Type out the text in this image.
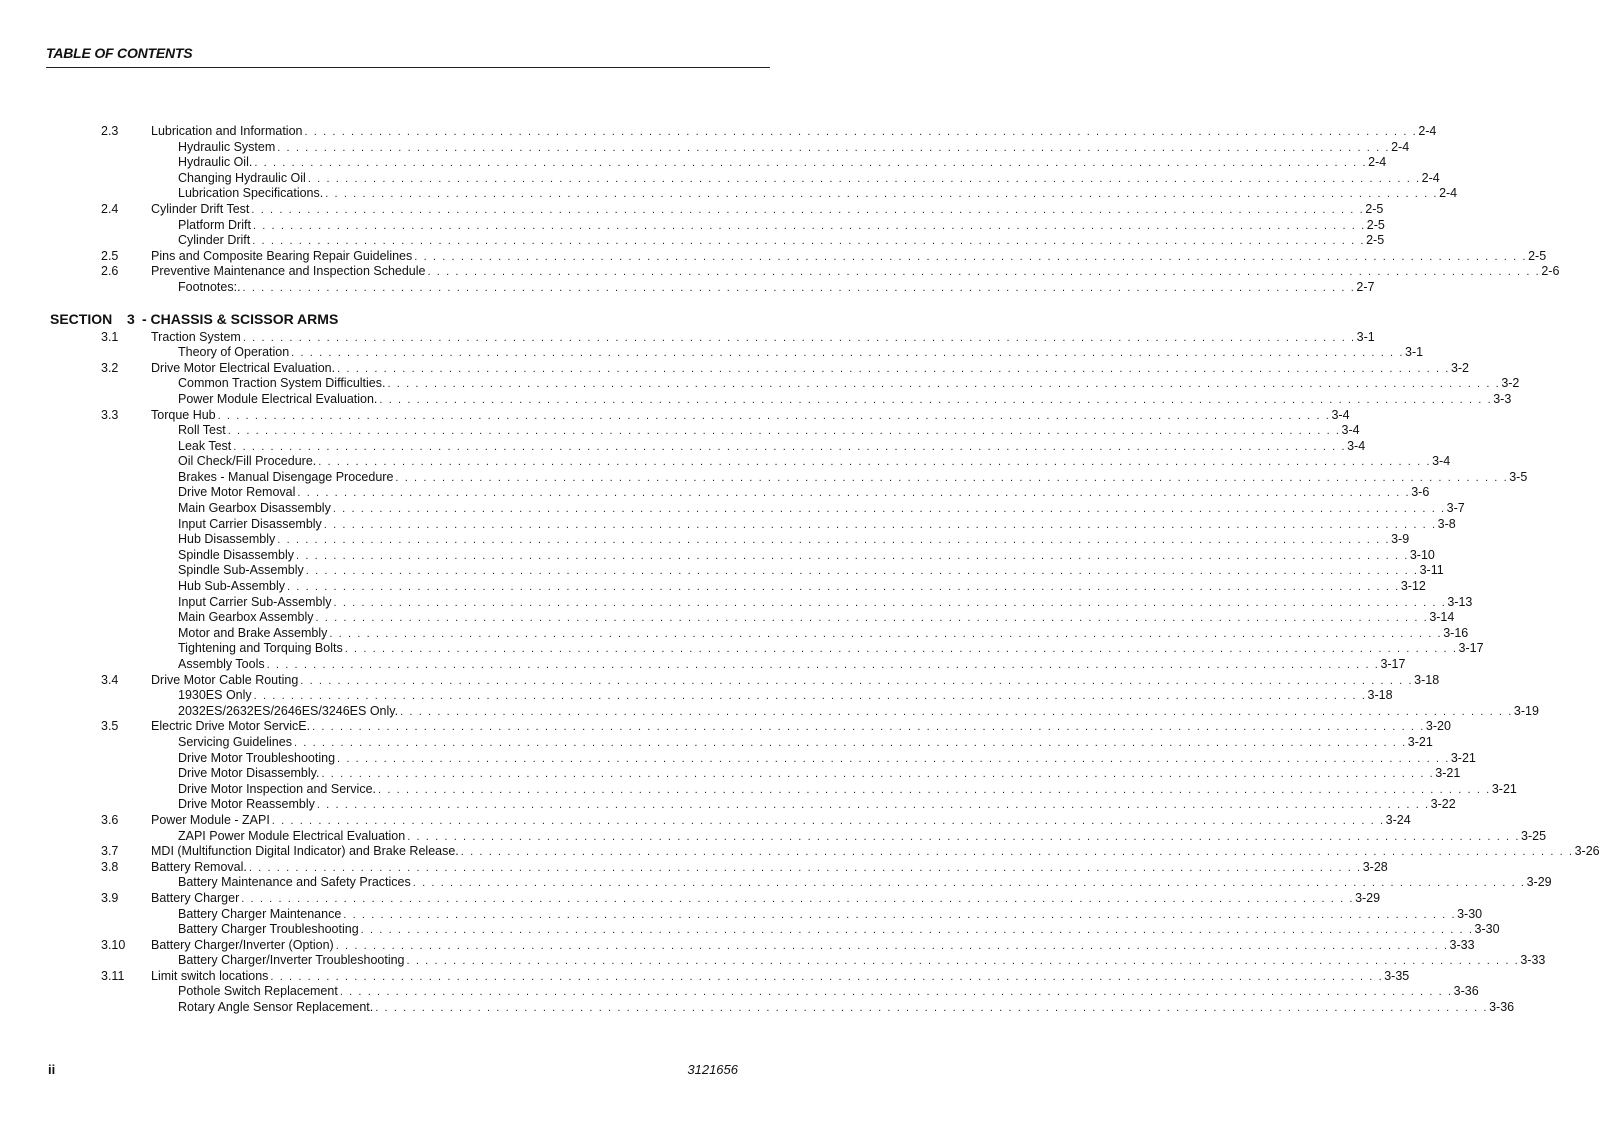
TABLE OF CONTENTS
2.3	Lubrication and Information . . . . . . . . . . . . . . . . . . . . . . . . . . . . . . . . . . . . . . . . . . . . . . . . . . . . . . . . . . . . . . . . . . . . . . . . . . . . . . . . . . . . . . . . . . . . . . . . . . . . . . . . . . . . . . . . . . . . . . . . 2-4
Hydraulic System . . . . . . . . . . . . . . . . . . . . . . . . . . . . . . . . . . . . . . . . . . . . . . . . . . . . . . . . . . . . . . . . . . . . . . . . . . . . . . . . . . . . . . . . . . . . . . . . . . . . . . . . . . . . . . . . . . . . . . . . 2-4
Hydraulic Oil. . . . . . . . . . . . . . . . . . . . . . . . . . . . . . . . . . . . . . . . . . . . . . . . . . . . . . . . . . . . . . . . . . . . . . . . . . . . . . . . . . . . . . . . . . . . . . . . . . . . . . . . . . . . . . . . . . . . . . . . . 2-4
Changing Hydraulic Oil . . . . . . . . . . . . . . . . . . . . . . . . . . . . . . . . . . . . . . . . . . . . . . . . . . . . . . . . . . . . . . . . . . . . . . . . . . . . . . . . . . . . . . . . . . . . . . . . . . . . . . . . . . . . . . . . . . . . . . . . 2-4
Lubrication Specifications. . . . . . . . . . . . . . . . . . . . . . . . . . . . . . . . . . . . . . . . . . . . . . . . . . . . . . . . . . . . . . . . . . . . . . . . . . . . . . . . . . . . . . . . . . . . . . . . . . . . . . . . . . . . . . . . . . . . . . . . . 2-4
2.4	Cylinder Drift Test . . . . . . . . . . . . . . . . . . . . . . . . . . . . . . . . . . . . . . . . . . . . . . . . . . . . . . . . . . . . . . . . . . . . . . . . . . . . . . . . . . . . . . . . . . . . . . . . . . . . . . . . . . . . . . . . . . . . . . . . 2-5
Platform Drift . . . . . . . . . . . . . . . . . . . . . . . . . . . . . . . . . . . . . . . . . . . . . . . . . . . . . . . . . . . . . . . . . . . . . . . . . . . . . . . . . . . . . . . . . . . . . . . . . . . . . . . . . . . . . . . . . . . . . . . . 2-5
Cylinder Drift . . . . . . . . . . . . . . . . . . . . . . . . . . . . . . . . . . . . . . . . . . . . . . . . . . . . . . . . . . . . . . . . . . . . . . . . . . . . . . . . . . . . . . . . . . . . . . . . . . . . . . . . . . . . . . . . . . . . . . . . 2-5
2.5	Pins and Composite Bearing Repair Guidelines . . . . . . . . . . . . . . . . . . . . . . . . . . . . . . . . . . . . . . . . . . . . . . . . . . . . . . . . . . . . . . . . . . . . . . . . . . . . . . . . . . . . . . . . . . . . . . . . . . . . . . . . . . . . . . . . . . . . . . . . 2-5
2.6	Preventive Maintenance and Inspection Schedule . . . . . . . . . . . . . . . . . . . . . . . . . . . . . . . . . . . . . . . . . . . . . . . . . . . . . . . . . . . . . . . . . . . . . . . . . . . . . . . . . . . . . . . . . . . . . . . . . . . . . . . . . . . . . . . . . . . . . . . . 2-6
Footnotes:. . . . . . . . . . . . . . . . . . . . . . . . . . . . . . . . . . . . . . . . . . . . . . . . . . . . . . . . . . . . . . . . . . . . . . . . . . . . . . . . . . . . . . . . . . . . . . . . . . . . . . . . . . . . . . . . . . . . . . . . . 2-7
SECTION 3 - CHASSIS & SCISSOR ARMS
3.1	Traction System . . . . . . . . . . . . . . . . . . . . . . . . . . . . . . . . . . . . . . . . . . . . . . . . . . . . . . . . . . . . . . . . . . . . . . . . . . . . . . . . . . . . . . . . . . . . . . . . . . . . . . . . . . . . . . . . . . . . . . . . 3-1
Theory of Operation . . . . . . . . . . . . . . . . . . . . . . . . . . . . . . . . . . . . . . . . . . . . . . . . . . . . . . . . . . . . . . . . . . . . . . . . . . . . . . . . . . . . . . . . . . . . . . . . . . . . . . . . . . . . . . . . . . . . . . . . 3-1
3.2	Drive Motor Electrical Evaluation. . . . . . . . . . . . . . . . . . . . . . . . . . . . . . . . . . . . . . . . . . . . . . . . . . . . . . . . . . . . . . . . . . . . . . . . . . . . . . . . . . . . . . . . . . . . . . . . . . . . . . . . . . . . . . . . . . . . . . . . . 3-2
Common Traction System Difficulties. . . . . . . . . . . . . . . . . . . . . . . . . . . . . . . . . . . . . . . . . . . . . . . . . . . . . . . . . . . . . . . . . . . . . . . . . . . . . . . . . . . . . . . . . . . . . . . . . . . . . . . . . . . . . . . . . . . . . . . . . 3-2
Power Module Electrical Evaluation. . . . . . . . . . . . . . . . . . . . . . . . . . . . . . . . . . . . . . . . . . . . . . . . . . . . . . . . . . . . . . . . . . . . . . . . . . . . . . . . . . . . . . . . . . . . . . . . . . . . . . . . . . . . . . . . . . . . . . . . . 3-3
3.3	Torque Hub . . . . . . . . . . . . . . . . . . . . . . . . . . . . . . . . . . . . . . . . . . . . . . . . . . . . . . . . . . . . . . . . . . . . . . . . . . . . . . . . . . . . . . . . . . . . . . . . . . . . . . . . . . . . . . . . . . . . . . . . 3-4
Roll Test . . . . . . . . . . . . . . . . . . . . . . . . . . . . . . . . . . . . . . . . . . . . . . . . . . . . . . . . . . . . . . . . . . . . . . . . . . . . . . . . . . . . . . . . . . . . . . . . . . . . . . . . . . . . . . . . . . . . . . . . 3-4
Leak Test . . . . . . . . . . . . . . . . . . . . . . . . . . . . . . . . . . . . . . . . . . . . . . . . . . . . . . . . . . . . . . . . . . . . . . . . . . . . . . . . . . . . . . . . . . . . . . . . . . . . . . . . . . . . . . . . . . . . . . . . 3-4
Oil Check/Fill Procedure. . . . . . . . . . . . . . . . . . . . . . . . . . . . . . . . . . . . . . . . . . . . . . . . . . . . . . . . . . . . . . . . . . . . . . . . . . . . . . . . . . . . . . . . . . . . . . . . . . . . . . . . . . . . . . . . . . . . . . . . . 3-4
Brakes - Manual Disengage Procedure . . . . . . . . . . . . . . . . . . . . . . . . . . . . . . . . . . . . . . . . . . . . . . . . . . . . . . . . . . . . . . . . . . . . . . . . . . . . . . . . . . . . . . . . . . . . . . . . . . . . . . . . . . . . . . . . . . . . . . . . 3-5
Drive Motor Removal . . . . . . . . . . . . . . . . . . . . . . . . . . . . . . . . . . . . . . . . . . . . . . . . . . . . . . . . . . . . . . . . . . . . . . . . . . . . . . . . . . . . . . . . . . . . . . . . . . . . . . . . . . . . . . . . . . . . . . . . 3-6
Main Gearbox Disassembly . . . . . . . . . . . . . . . . . . . . . . . . . . . . . . . . . . . . . . . . . . . . . . . . . . . . . . . . . . . . . . . . . . . . . . . . . . . . . . . . . . . . . . . . . . . . . . . . . . . . . . . . . . . . . . . . . . . . . . . . 3-7
Input Carrier Disassembly . . . . . . . . . . . . . . . . . . . . . . . . . . . . . . . . . . . . . . . . . . . . . . . . . . . . . . . . . . . . . . . . . . . . . . . . . . . . . . . . . . . . . . . . . . . . . . . . . . . . . . . . . . . . . . . . . . . . . . . . 3-8
Hub Disassembly . . . . . . . . . . . . . . . . . . . . . . . . . . . . . . . . . . . . . . . . . . . . . . . . . . . . . . . . . . . . . . . . . . . . . . . . . . . . . . . . . . . . . . . . . . . . . . . . . . . . . . . . . . . . . . . . . . . . . . . . 3-9
Spindle Disassembly . . . . . . . . . . . . . . . . . . . . . . . . . . . . . . . . . . . . . . . . . . . . . . . . . . . . . . . . . . . . . . . . . . . . . . . . . . . . . . . . . . . . . . . . . . . . . . . . . . . . . . . . . . . . . . . . . . . . . . . . 3-10
Spindle Sub-Assembly . . . . . . . . . . . . . . . . . . . . . . . . . . . . . . . . . . . . . . . . . . . . . . . . . . . . . . . . . . . . . . . . . . . . . . . . . . . . . . . . . . . . . . . . . . . . . . . . . . . . . . . . . . . . . . . . . . . . . . . . 3-11
Hub Sub-Assembly . . . . . . . . . . . . . . . . . . . . . . . . . . . . . . . . . . . . . . . . . . . . . . . . . . . . . . . . . . . . . . . . . . . . . . . . . . . . . . . . . . . . . . . . . . . . . . . . . . . . . . . . . . . . . . . . . . . . . . . . 3-12
Input Carrier Sub-Assembly . . . . . . . . . . . . . . . . . . . . . . . . . . . . . . . . . . . . . . . . . . . . . . . . . . . . . . . . . . . . . . . . . . . . . . . . . . . . . . . . . . . . . . . . . . . . . . . . . . . . . . . . . . . . . . . . . . . . . . . . 3-13
Main Gearbox Assembly . . . . . . . . . . . . . . . . . . . . . . . . . . . . . . . . . . . . . . . . . . . . . . . . . . . . . . . . . . . . . . . . . . . . . . . . . . . . . . . . . . . . . . . . . . . . . . . . . . . . . . . . . . . . . . . . . . . . . . . . 3-14
Motor and Brake Assembly . . . . . . . . . . . . . . . . . . . . . . . . . . . . . . . . . . . . . . . . . . . . . . . . . . . . . . . . . . . . . . . . . . . . . . . . . . . . . . . . . . . . . . . . . . . . . . . . . . . . . . . . . . . . . . . . . . . . . . . . 3-16
Tightening and Torquing Bolts . . . . . . . . . . . . . . . . . . . . . . . . . . . . . . . . . . . . . . . . . . . . . . . . . . . . . . . . . . . . . . . . . . . . . . . . . . . . . . . . . . . . . . . . . . . . . . . . . . . . . . . . . . . . . . . . . . . . . . . . 3-17
Assembly Tools . . . . . . . . . . . . . . . . . . . . . . . . . . . . . . . . . . . . . . . . . . . . . . . . . . . . . . . . . . . . . . . . . . . . . . . . . . . . . . . . . . . . . . . . . . . . . . . . . . . . . . . . . . . . . . . . . . . . . . . . 3-17
3.4	Drive Motor Cable Routing . . . . . . . . . . . . . . . . . . . . . . . . . . . . . . . . . . . . . . . . . . . . . . . . . . . . . . . . . . . . . . . . . . . . . . . . . . . . . . . . . . . . . . . . . . . . . . . . . . . . . . . . . . . . . . . . . . . . . . . . 3-18
1930ES Only . . . . . . . . . . . . . . . . . . . . . . . . . . . . . . . . . . . . . . . . . . . . . . . . . . . . . . . . . . . . . . . . . . . . . . . . . . . . . . . . . . . . . . . . . . . . . . . . . . . . . . . . . . . . . . . . . . . . . . . . 3-18
2032ES/2632ES/2646ES/3246ES Only. . . . . . . . . . . . . . . . . . . . . . . . . . . . . . . . . . . . . . . . . . . . . . . . . . . . . . . . . . . . . . . . . . . . . . . . . . . . . . . . . . . . . . . . . . . . . . . . . . . . . . . . . . . . . . . . . . . . . . . . . 3-19
3.5	Electric Drive Motor ServicE. . . . . . . . . . . . . . . . . . . . . . . . . . . . . . . . . . . . . . . . . . . . . . . . . . . . . . . . . . . . . . . . . . . . . . . . . . . . . . . . . . . . . . . . . . . . . . . . . . . . . . . . . . . . . . . . . . . . . . . . . 3-20
Servicing Guidelines . . . . . . . . . . . . . . . . . . . . . . . . . . . . . . . . . . . . . . . . . . . . . . . . . . . . . . . . . . . . . . . . . . . . . . . . . . . . . . . . . . . . . . . . . . . . . . . . . . . . . . . . . . . . . . . . . . . . . . . . 3-21
Drive Motor Troubleshooting . . . . . . . . . . . . . . . . . . . . . . . . . . . . . . . . . . . . . . . . . . . . . . . . . . . . . . . . . . . . . . . . . . . . . . . . . . . . . . . . . . . . . . . . . . . . . . . . . . . . . . . . . . . . . . . . . . . . . . . . 3-21
Drive Motor Disassembly. . . . . . . . . . . . . . . . . . . . . . . . . . . . . . . . . . . . . . . . . . . . . . . . . . . . . . . . . . . . . . . . . . . . . . . . . . . . . . . . . . . . . . . . . . . . . . . . . . . . . . . . . . . . . . . . . . . . . . . . . 3-21
Drive Motor Inspection and Service. . . . . . . . . . . . . . . . . . . . . . . . . . . . . . . . . . . . . . . . . . . . . . . . . . . . . . . . . . . . . . . . . . . . . . . . . . . . . . . . . . . . . . . . . . . . . . . . . . . . . . . . . . . . . . . . . . . . . . . . . 3-21
Drive Motor Reassembly . . . . . . . . . . . . . . . . . . . . . . . . . . . . . . . . . . . . . . . . . . . . . . . . . . . . . . . . . . . . . . . . . . . . . . . . . . . . . . . . . . . . . . . . . . . . . . . . . . . . . . . . . . . . . . . . . . . . . . . . 3-22
3.6	Power Module - ZAPI . . . . . . . . . . . . . . . . . . . . . . . . . . . . . . . . . . . . . . . . . . . . . . . . . . . . . . . . . . . . . . . . . . . . . . . . . . . . . . . . . . . . . . . . . . . . . . . . . . . . . . . . . . . . . . . . . . . . . . . . 3-24
ZAPI Power Module Electrical Evaluation . . . . . . . . . . . . . . . . . . . . . . . . . . . . . . . . . . . . . . . . . . . . . . . . . . . . . . . . . . . . . . . . . . . . . . . . . . . . . . . . . . . . . . . . . . . . . . . . . . . . . . . . . . . . . . . . . . . . . . . . 3-25
3.7	MDI (Multifunction Digital Indicator) and Brake Release. . . . . . . . . . . . . . . . . . . . . . . . . . . . . . . . . . . . . . . . . . . . . . . . . . . . . . . . . . . . . . . . . . . . . . . . . . . . . . . . . . . . . . . . . . . . . . . . . . . . . . . . . . . . . . . . . . . . . . . . . 3-26
3.8	Battery Removal. . . . . . . . . . . . . . . . . . . . . . . . . . . . . . . . . . . . . . . . . . . . . . . . . . . . . . . . . . . . . . . . . . . . . . . . . . . . . . . . . . . . . . . . . . . . . . . . . . . . . . . . . . . . . . . . . . . . . . . . . 3-28
Battery Maintenance and Safety Practices . . . . . . . . . . . . . . . . . . . . . . . . . . . . . . . . . . . . . . . . . . . . . . . . . . . . . . . . . . . . . . . . . . . . . . . . . . . . . . . . . . . . . . . . . . . . . . . . . . . . . . . . . . . . . . . . . . . . . . . . 3-29
3.9	Battery Charger . . . . . . . . . . . . . . . . . . . . . . . . . . . . . . . . . . . . . . . . . . . . . . . . . . . . . . . . . . . . . . . . . . . . . . . . . . . . . . . . . . . . . . . . . . . . . . . . . . . . . . . . . . . . . . . . . . . . . . . . 3-29
Battery Charger Maintenance . . . . . . . . . . . . . . . . . . . . . . . . . . . . . . . . . . . . . . . . . . . . . . . . . . . . . . . . . . . . . . . . . . . . . . . . . . . . . . . . . . . . . . . . . . . . . . . . . . . . . . . . . . . . . . . . . . . . . . . . 3-30
Battery Charger Troubleshooting . . . . . . . . . . . . . . . . . . . . . . . . . . . . . . . . . . . . . . . . . . . . . . . . . . . . . . . . . . . . . . . . . . . . . . . . . . . . . . . . . . . . . . . . . . . . . . . . . . . . . . . . . . . . . . . . . . . . . . . . 3-30
3.10 Battery Charger/Inverter (Option) . . . . . . . . . . . . . . . . . . . . . . . . . . . . . . . . . . . . . . . . . . . . . . . . . . . . . . . . . . . . . . . . . . . . . . . . . . . . . . . . . . . . . . . . . . . . . . . . . . . . . . . . . . . . . . . . . . . . . . . . 3-33
Battery Charger/Inverter Troubleshooting . . . . . . . . . . . . . . . . . . . . . . . . . . . . . . . . . . . . . . . . . . . . . . . . . . . . . . . . . . . . . . . . . . . . . . . . . . . . . . . . . . . . . . . . . . . . . . . . . . . . . . . . . . . . . . . . . . . . . . . . 3-33
3.11 Limit switch locations . . . . . . . . . . . . . . . . . . . . . . . . . . . . . . . . . . . . . . . . . . . . . . . . . . . . . . . . . . . . . . . . . . . . . . . . . . . . . . . . . . . . . . . . . . . . . . . . . . . . . . . . . . . . . . . . . . . . . . . . 3-35
Pothole Switch Replacement . . . . . . . . . . . . . . . . . . . . . . . . . . . . . . . . . . . . . . . . . . . . . . . . . . . . . . . . . . . . . . . . . . . . . . . . . . . . . . . . . . . . . . . . . . . . . . . . . . . . . . . . . . . . . . . . . . . . . . . . 3-36
Rotary Angle Sensor Replacement. . . . . . . . . . . . . . . . . . . . . . . . . . . . . . . . . . . . . . . . . . . . . . . . . . . . . . . . . . . . . . . . . . . . . . . . . . . . . . . . . . . . . . . . . . . . . . . . . . . . . . . . . . . . . . . . . . . . . . . . . 3-36
ii	3121656
